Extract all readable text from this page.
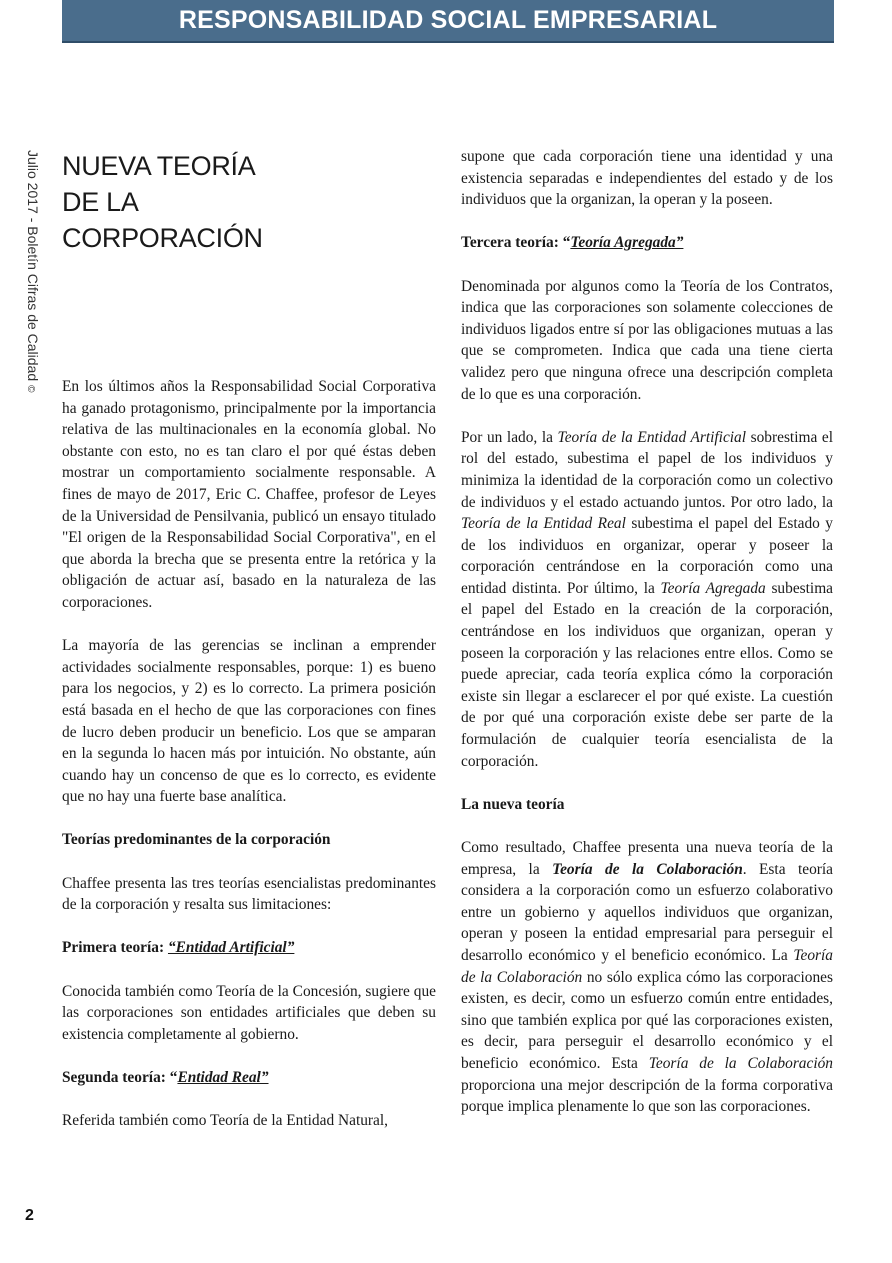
RESPONSABILIDAD SOCIAL EMPRESARIAL
Julio 2017 - Boletín Cifras de Calidad©
2
NUEVA TEORÍA
DE LA
CORPORACIÓN

En los últimos años la Responsabilidad Social Corporativa ha ganado protagonismo, principalmente por la importancia relativa de las multinacionales en la economía global. No obstante con esto, no es tan claro el por qué éstas deben mostrar un comportamiento socialmente responsable. A fines de mayo de 2017, Eric C. Chaffee, profesor de Leyes de la Universidad de Pensilvania, publicó un ensayo titulado "El origen de la Responsabilidad Social Corporativa", en el que aborda la brecha que se presenta entre la retórica y la obligación de actuar así, basado en la naturaleza de las corporaciones.

La mayoría de las gerencias se inclinan a emprender actividades socialmente responsables, porque: 1) es bueno para los negocios, y 2) es lo correcto. La primera posición está basada en el hecho de que las corporaciones con fines de lucro deben producir un beneficio. Los que se amparan en la segunda lo hacen más por intuición. No obstante, aún cuando hay un concenso de que es lo correcto, es evidente que no hay una fuerte base analítica.

Teorías predominantes de la corporación

Chaffee presenta las tres teorías esencialistas predominantes de la corporación y resalta sus limitaciones:

Primera teoría: “Entidad Artificial”

Conocida también como Teoría de la Concesión, sugiere que las corporaciones son entidades artificiales que deben su existencia completamente al gobierno.

Segunda teoría: “Entidad Real”

Referida también como Teoría de la Entidad Natural,

supone que cada corporación tiene una identidad y una existencia separadas e independientes del estado y de los individuos que la organizan, la operan y la poseen.

Tercera teoría: “Teoría Agregada”

Denominada por algunos como la Teoría de los Contratos, indica que las corporaciones son solamente colecciones de individuos ligados entre sí por las obligaciones mutuas a las que se comprometen. Indica que cada una tiene cierta validez pero que ninguna ofrece una descripción completa de lo que es una corporación.

Por un lado, la Teoría de la Entidad Artificial sobrestima el rol del estado, subestima el papel de los individuos y minimiza la identidad de la corporación como un colectivo de individuos y el estado actuando juntos. Por otro lado, la Teoría de la Entidad Real subestima el papel del Estado y de los individuos en organizar, operar y poseer la corporación centrándose en la corporación como una entidad distinta. Por último, la Teoría Agregada subestima el papel del Estado en la creación de la corporación, centrándose en los individuos que organizan, operan y poseen la corporación y las relaciones entre ellos. Como se puede apreciar, cada teoría explica cómo la corporación existe sin llegar a esclarecer el por qué existe. La cuestión de por qué una corporación existe debe ser parte de la formulación de cualquier teoría esencialista de la corporación.

La nueva teoría

Como resultado, Chaffee presenta una nueva teoría de la empresa, la Teoría de la Colaboración. Esta teoría considera a la corporación como un esfuerzo colaborativo entre un gobierno y aquellos individuos que organizan, operan y poseen la entidad empresarial para perseguir el desarrollo económico y el beneficio económico. La Teoría de la Colaboración no sólo explica cómo las corporaciones existen, es decir, como un esfuerzo común entre entidades, sino que también explica por qué las corporaciones existen, es decir, para perseguir el desarrollo económico y el beneficio económico. Esta Teoría de la Colaboración proporciona una mejor descripción de la forma corporativa porque implica plenamente lo que son las corporaciones.
